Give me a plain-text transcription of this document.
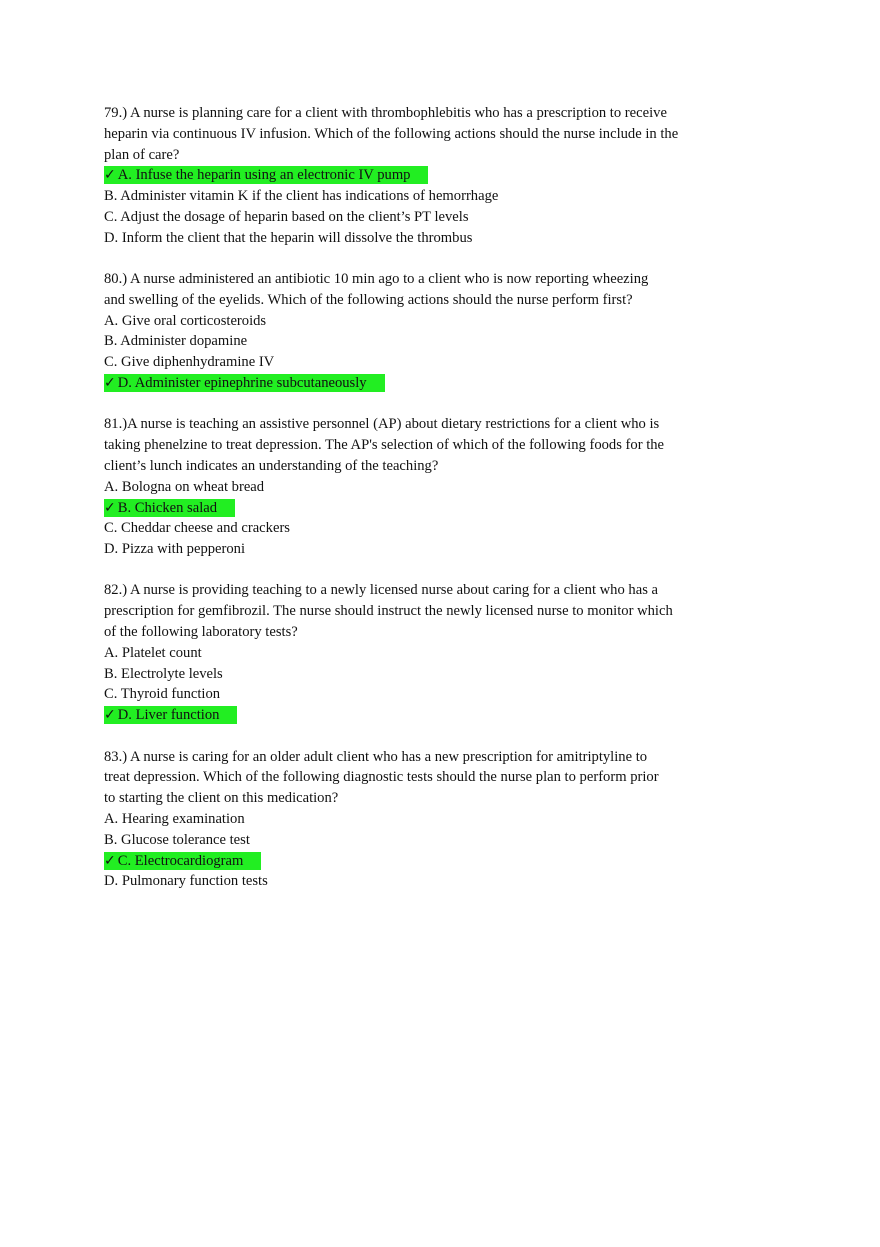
79.) A nurse is planning care for a client with thrombophlebitis who has a prescription to receive
heparin via continuous IV infusion. Which of the following actions should the nurse include in the
plan of care?
✓ A. Infuse the heparin using an electronic IV pump
B. Administer vitamin K if the client has indications of hemorrhage
C. Adjust the dosage of heparin based on the client’s PT levels
D. Inform the client that the heparin will dissolve the thrombus
80.) A nurse administered an antibiotic 10 min ago to a client who is now reporting wheezing
and swelling of the eyelids. Which of the following actions should the nurse perform first?
A. Give oral corticosteroids
B. Administer dopamine
C. Give diphenhydramine IV
✓ D. Administer epinephrine subcutaneously
81.)A nurse is teaching an assistive personnel (AP) about dietary restrictions for a client who is
taking phenelzine to treat depression. The AP's selection of which of the following foods for the
client’s lunch indicates an understanding of the teaching?
A. Bologna on wheat bread
✓ B. Chicken salad
C. Cheddar cheese and crackers
D. Pizza with pepperoni
82.) A nurse is providing teaching to a newly licensed nurse about caring for a client who has a
prescription for gemfibrozil. The nurse should instruct the newly licensed nurse to monitor which
of the following laboratory tests?
A. Platelet count
B. Electrolyte levels
C. Thyroid function
✓ D. Liver function
83.) A nurse is caring for an older adult client who has a new prescription for amitriptyline to
treat depression. Which of the following diagnostic tests should the nurse plan to perform prior
to starting the client on this medication?
A. Hearing examination
B. Glucose tolerance test
✓ C. Electrocardiogram
D. Pulmonary function tests
